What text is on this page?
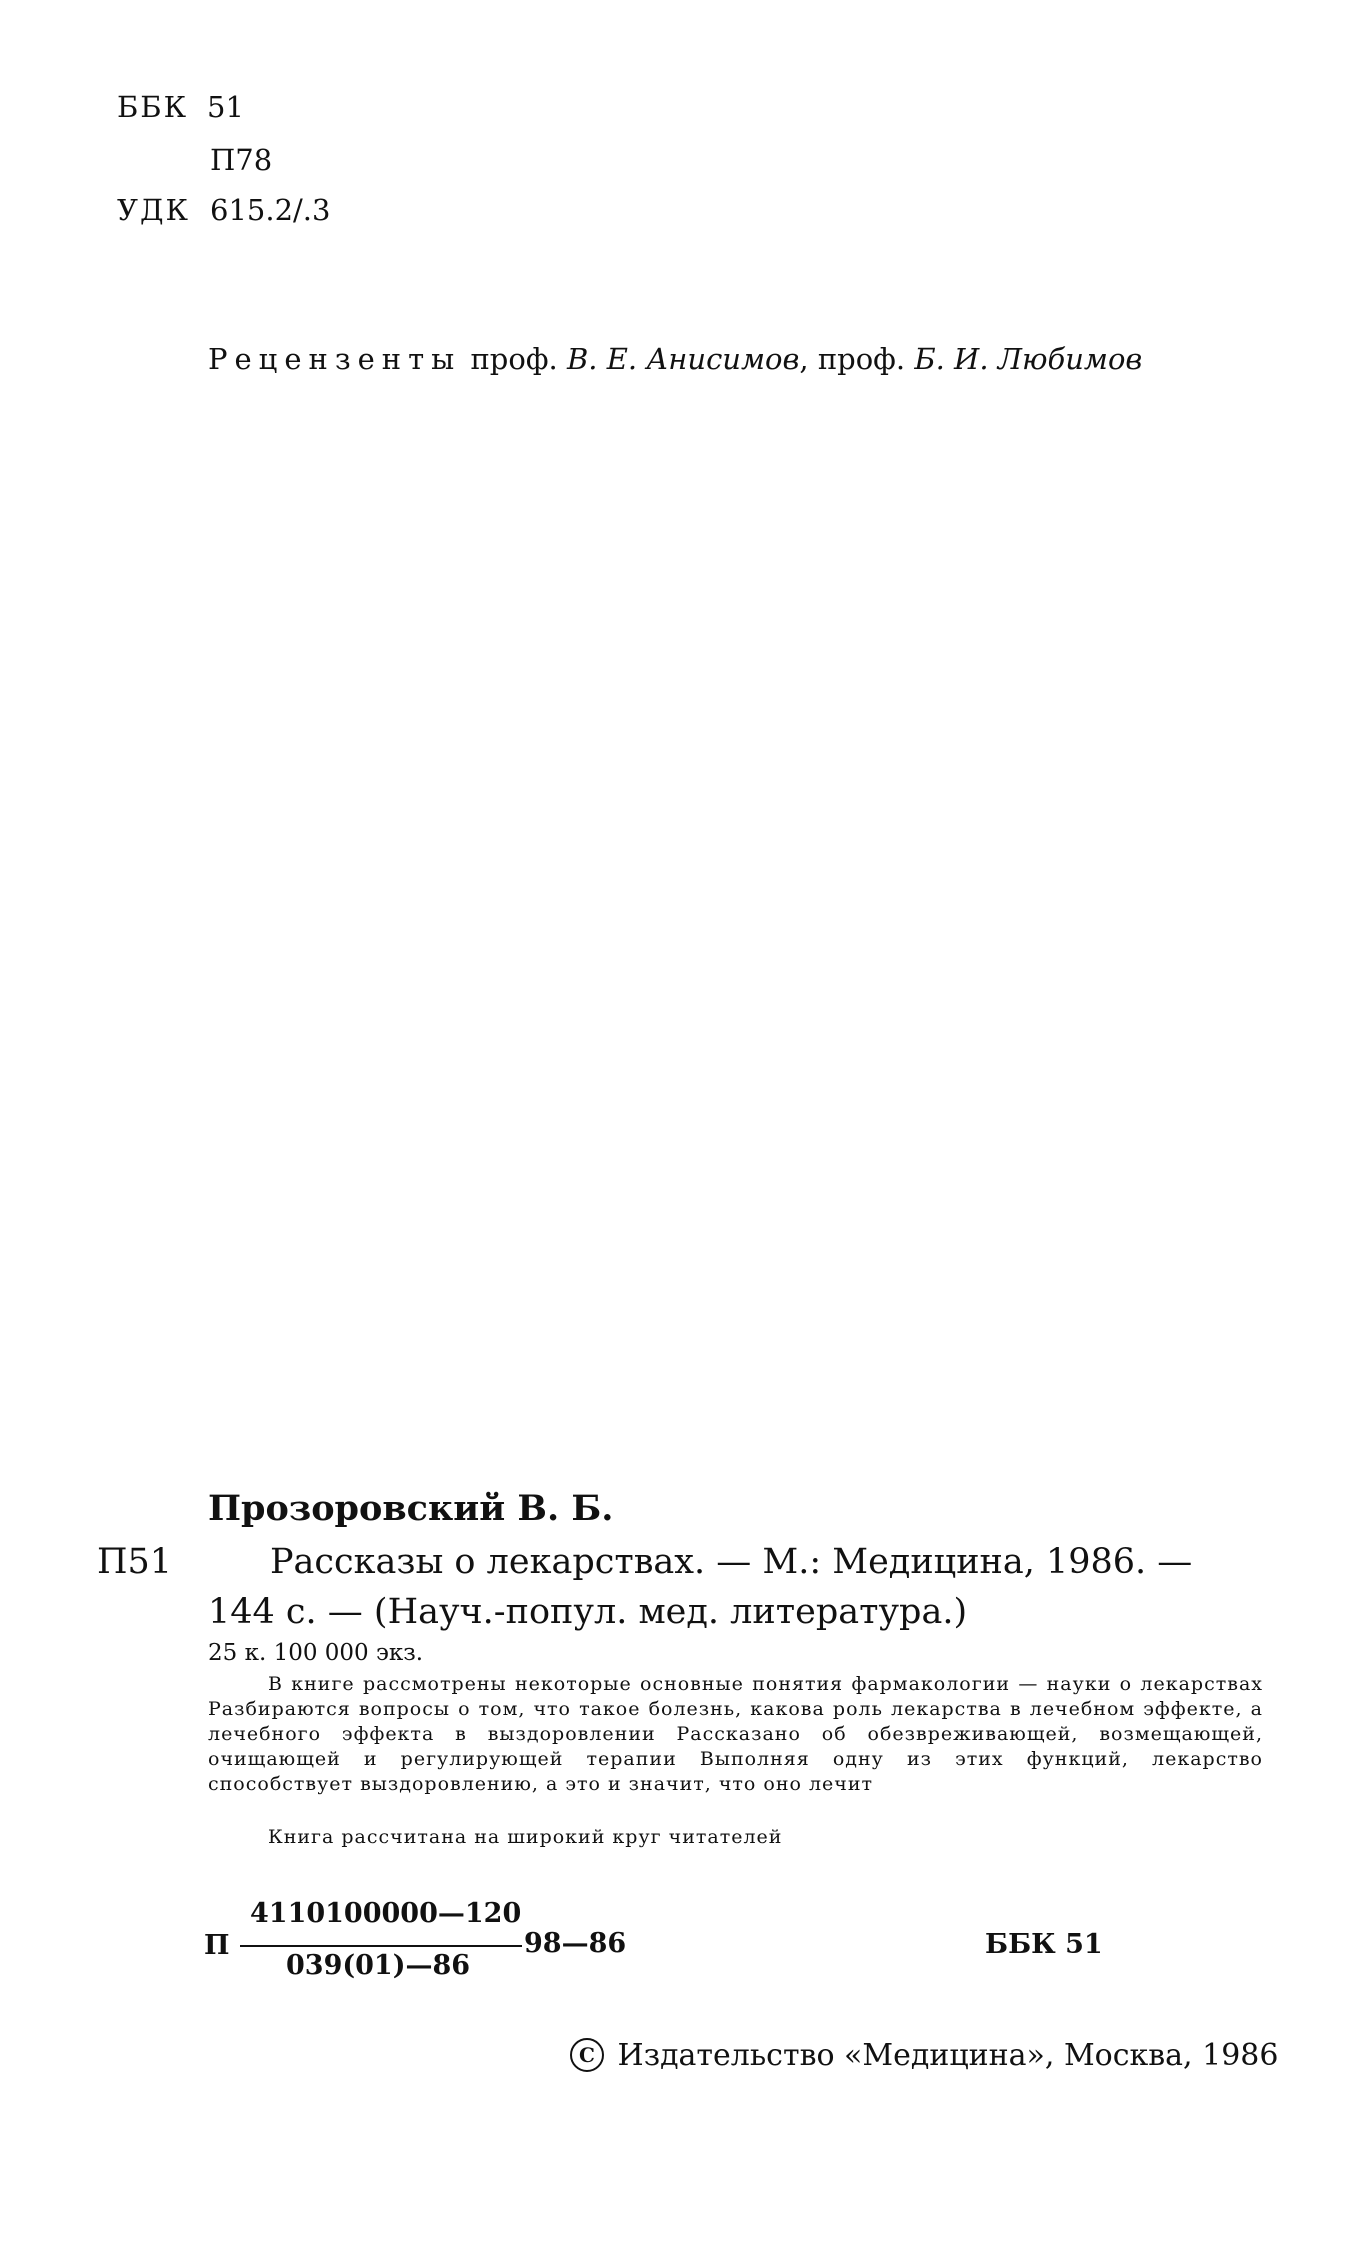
ББК 51
П78
УДК 615.2/.3
Рецензенты проф. В. Е. Анисимов, проф. Б. И. Любимов
Прозоровский В. Б.
П51	Рассказы о лекарствах. — М.: Медицина, 1986. —
144 с. — (Науч.-попул. мед. литература.)
25 к. 100 000 экз.

В книге рассмотрены некоторые основные понятия фармакологии — науки о лекарствах Разбираются вопросы о том, что такое болезнь, какова роль лекарства в лечебном эффекте, а лечебного эффекта в выздоровлении Рассказано об обезвреживающей, возмещающей, очищающей и регулирующей терапии Выполняя одну из этих функций, лекарство способствует выздоровлению, а это и значит, что оно лечит

Книга рассчитана на широкий круг читателей
П
4110100000—120
039(01)—86
98—86	ББК 51
C Издательство «Медицина», Москва, 1986
